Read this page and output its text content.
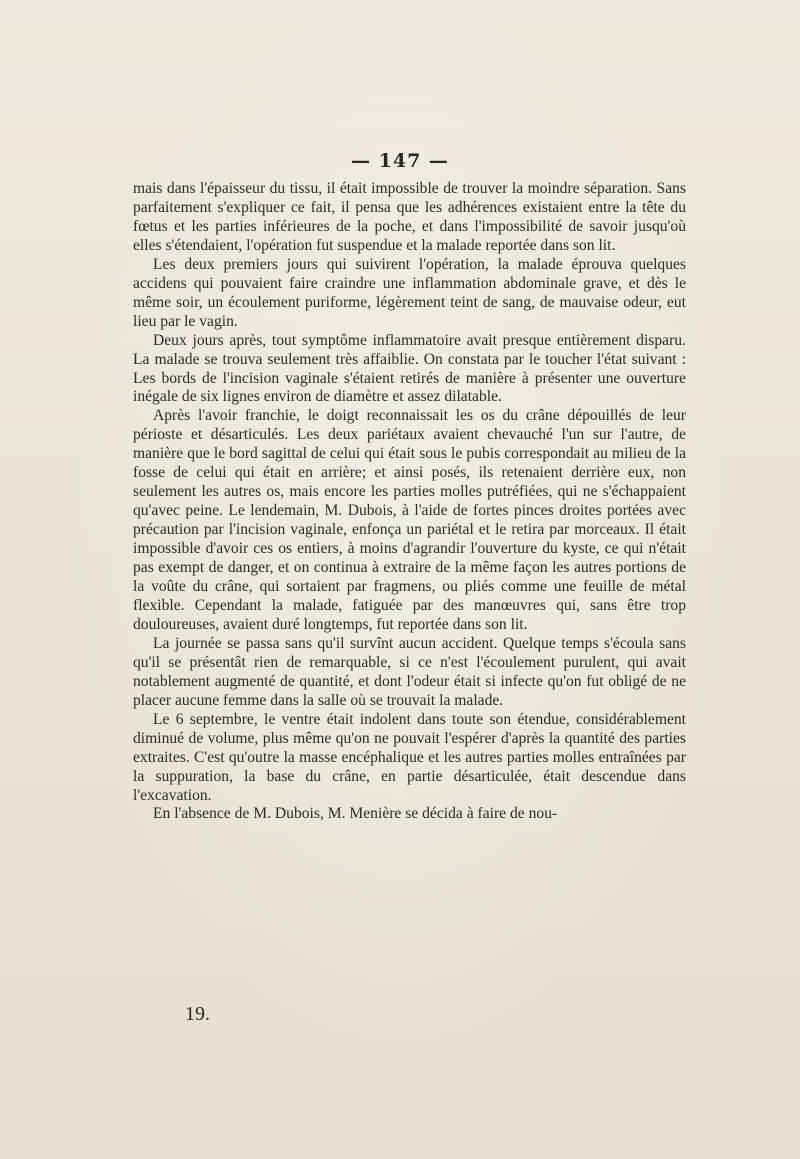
— 147 —

mais dans l'épaisseur du tissu, il était impossible de trouver la moindre séparation. Sans parfaitement s'expliquer ce fait, il pensa que les adhérences existaient entre la tête du fœtus et les parties inférieures de la poche, et dans l'impossibilité de savoir jusqu'où elles s'étendaient, l'opération fut suspendue et la malade reportée dans son lit.

Les deux premiers jours qui suivirent l'opération, la malade éprouva quelques accidens qui pouvaient faire craindre une inflammation abdominale grave, et dès le même soir, un écoulement puriforme, légèrement teint de sang, de mauvaise odeur, eut lieu par le vagin.

Deux jours après, tout symptôme inflammatoire avait presque entièrement disparu. La malade se trouva seulement très affaiblie. On constata par le toucher l'état suivant : Les bords de l'incision vaginale s'étaient retirés de manière à présenter une ouverture inégale de six lignes environ de diamètre et assez dilatable.

Après l'avoir franchie, le doigt reconnaissait les os du crâne dépouillés de leur périoste et désarticulés. Les deux pariétaux avaient chevauché l'un sur l'autre, de manière que le bord sagittal de celui qui était sous le pubis correspondait au milieu de la fosse de celui qui était en arrière; et ainsi posés, ils retenaient derrière eux, non seulement les autres os, mais encore les parties molles putréfiées, qui ne s'échappaient qu'avec peine. Le lendemain, M. Dubois, à l'aide de fortes pinces droites portées avec précaution par l'incision vaginale, enfonça un pariétal et le retira par morceaux. Il était impossible d'avoir ces os entiers, à moins d'agrandir l'ouverture du kyste, ce qui n'était pas exempt de danger, et on continua à extraire de la même façon les autres portions de la voûte du crâne, qui sortaient par fragmens, ou pliés comme une feuille de métal flexible. Cependant la malade, fatiguée par des manœuvres qui, sans être trop douloureuses, avaient duré longtemps, fut reportée dans son lit.

La journée se passa sans qu'il survînt aucun accident. Quelque temps s'écoula sans qu'il se présentât rien de remarquable, si ce n'est l'écoulement purulent, qui avait notablement augmenté de quantité, et dont l'odeur était si infecte qu'on fut obligé de ne placer aucune femme dans la salle où se trouvait la malade.

Le 6 septembre, le ventre était indolent dans toute son étendue, considérablement diminué de volume, plus même qu'on ne pouvait l'espérer d'après la quantité des parties extraites. C'est qu'outre la masse encéphalique et les autres parties molles entraînées par la suppuration, la base du crâne, en partie désarticulée, était descendue dans l'excavation.

En l'absence de M. Dubois, M. Menière se décida à faire de nou-

19.
